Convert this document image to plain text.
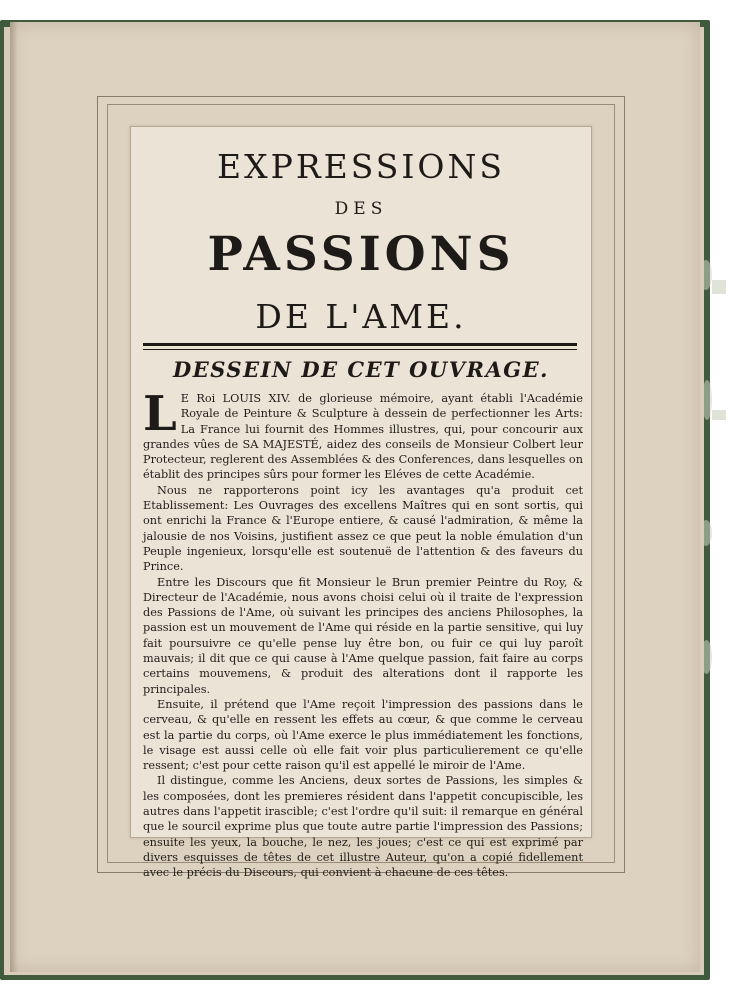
EXPRESSIONS
DES
PASSIONS
DE L'AME.
DESSEIN DE CET OUVRAGE.

L E Roi LOUIS XIV. de glorieuse mémoire, ayant établi l'Académie Royale de Peinture & Sculpture à dessein de perfectionner les Arts: La France lui fournit des Hommes illustres, qui, pour concourir aux grandes vûes de SA MAJESTÉ, aidez des conseils de Monsieur Colbert leur Protecteur, reglerent des Assemblées & des Conferences, dans lesquelles on établit des principes sûrs pour former les Eléves de cette Académie.

Nous ne rapporterons point icy les avantages qu'a produit cet Etablissement: Les Ouvrages des excellens Maîtres qui en sont sortis, qui ont enrichi la France & l'Europe entiere, & causé l'admiration, & même la jalousie de nos Voisins, justifient assez ce que peut la noble émulation d'un Peuple ingenieux, lorsqu'elle est soutenuë de l'attention & des faveurs du Prince.

Entre les Discours que fit Monsieur le Brun premier Peintre du Roy, & Directeur de l'Académie, nous avons choisi celui où il traite de l'expression des Passions de l'Ame, où suivant les principes des anciens Philosophes, la passion est un mouvement de l'Ame qui réside en la partie sensitive, qui luy fait poursuivre ce qu'elle pense luy être bon, ou fuir ce qui luy paroît mauvais; il dit que ce qui cause à l'Ame quelque passion, fait faire au corps certains mouvemens, & produit des alterations dont il rapporte les principales.

Ensuite, il prétend que l'Ame reçoit l'impression des passions dans le cerveau, & qu'elle en ressent les effets au cœur, & que comme le cerveau est la partie du corps, où l'Ame exerce le plus immédiatement les fonctions, le visage est aussi celle où elle fait voir plus particulierement ce qu'elle ressent; c'est pour cette raison qu'il est appellé le miroir de l'Ame.

Il distingue, comme les Anciens, deux sortes de Passions, les simples & les composées, dont les premieres résident dans l'appetit concupiscible, les autres dans l'appetit irascible; c'est l'ordre qu'il suit: il remarque en général que le sourcil exprime plus que toute autre partie l'impression des Passions; ensuite les yeux, la bouche, le nez, les joues; c'est ce qui est exprimé par divers esquisses de têtes de cet illustre Auteur, qu'on a copié fidellement avec le précis du Discours, qui convient à chacune de ces têtes.
